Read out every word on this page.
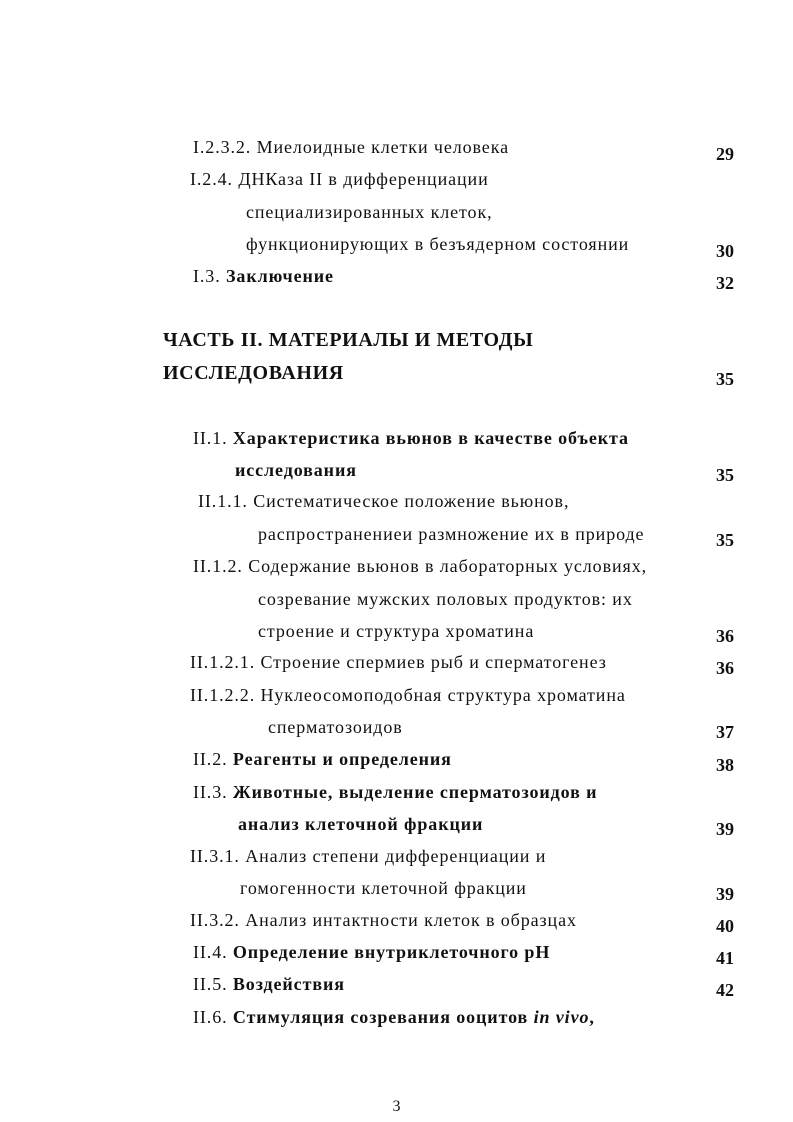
I.2.3.2. Миелоидные клетки человека	29
I.2.4. ДНКаза II в дифференциации
специализированных клеток,
функционирующих в безъядерном состоянии	30
I.3. Заключение	32
ЧАСТЬ II. МАТЕРИАЛЫ И МЕТОДЫ
ИССЛЕДОВАНИЯ	35
II.1. Характеристика вьюнов в качестве объекта
исследования	35
II.1.1. Систематическое положение вьюнов,
распространениеи размножение их в природе	35
II.1.2. Содержание вьюнов в лабораторных условиях,
созревание мужских половых продуктов: их
строение и структура хроматина	36
II.1.2.1. Строение спермиев рыб и сперматогенез	36
II.1.2.2. Нуклеосомоподобная структура хроматина
сперматозоидов	37
II.2. Реагенты и определения	38
II.3. Животные, выделение сперматозоидов и
анализ клеточной фракции	39
II.3.1. Анализ степени дифференциации и
гомогенности клеточной фракции	39
II.3.2. Анализ интактности клеток в образцах	40
II.4. Определение внутриклеточного рН	41
II.5. Воздействия	42
II.6. Стимуляция созревания ооцитов in vivo,
3
